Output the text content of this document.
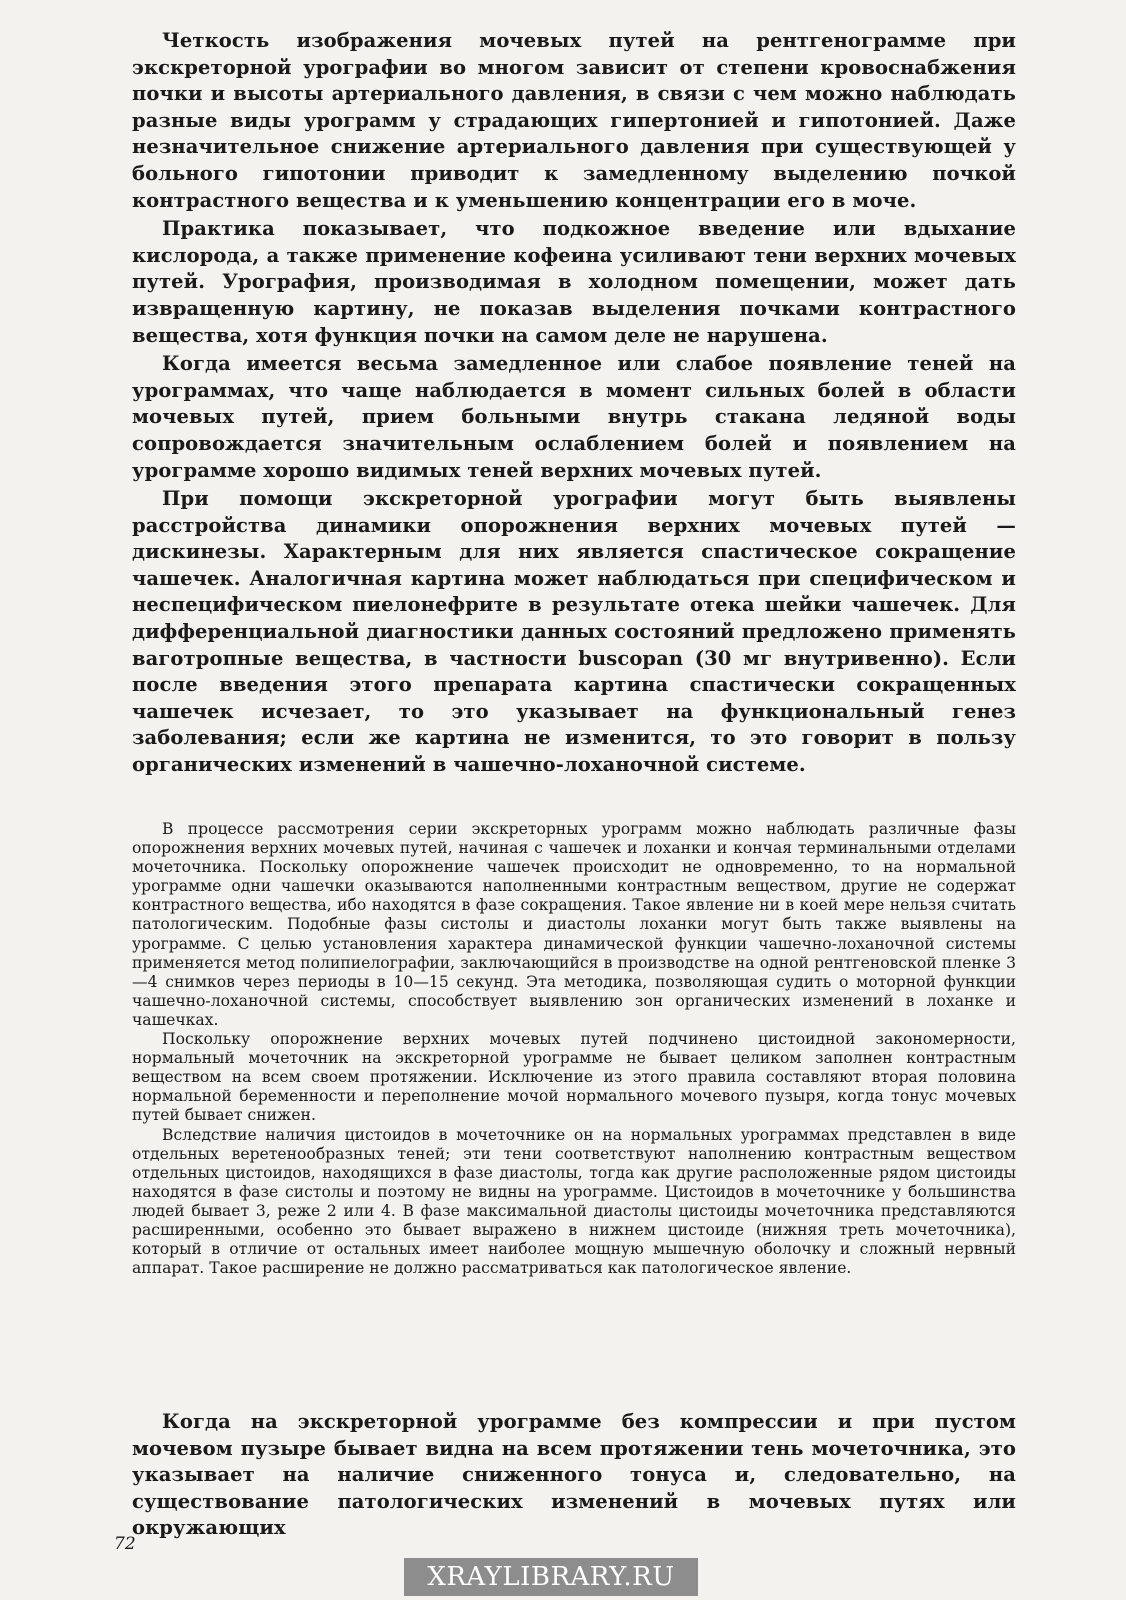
Четкость изображения мочевых путей на рентгенограмме при экскреторной урографии во многом зависит от степени кровоснабжения почки и высоты артериального давления, в связи с чем можно наблюдать разные виды урограмм у страдающих гипертонией и гипотонией. Даже незначительное снижение артериального давления при существующей у больного гипотонии приводит к замедленному выделению почкой контрастного вещества и к уменьшению концентрации его в моче.

Практика показывает, что подкожное введение или вдыхание кислорода, а также применение кофеина усиливают тени верхних мочевых путей. Урография, производимая в холодном помещении, может дать извращенную картину, не показав выделения почками контрастного вещества, хотя функция почки на самом деле не нарушена.

Когда имеется весьма замедленное или слабое появление теней на урограммах, что чаще наблюдается в момент сильных болей в области мочевых путей, прием больными внутрь стакана ледяной воды сопровождается значительным ослаблением болей и появлением на урограмме хорошо видимых теней верхних мочевых путей.

При помощи экскреторной урографии могут быть выявлены расстройства динамики опорожнения верхних мочевых путей — дискинезы. Характерным для них является спастическое сокращение чашечек. Аналогичная картина может наблюдаться при специфическом и неспецифическом пиелонефрите в результате отека шейки чашечек. Для дифференциальной диагностики данных состояний предложено применять ваготропные вещества, в частности buscopan (30 мг внутривенно). Если после введения этого препарата картина спастически сокращенных чашечек исчезает, то это указывает на функциональный генез заболевания; если же картина не изменится, то это говорит в пользу органических изменений в чашечно-лоханочной системе.

В процессе рассмотрения серии экскреторных урограмм можно наблюдать различные фазы опорожнения верхних мочевых путей, начиная с чашечек и лоханки и кончая терминальными отделами мочеточника. Поскольку опорожнение чашечек происходит не одновременно, то на нормальной урограмме одни чашечки оказываются наполненными контрастным веществом, другие не содержат контрастного вещества, ибо находятся в фазе сокращения. Такое явление ни в коей мере нельзя считать патологическим. Подобные фазы систолы и диастолы лоханки могут быть также выявлены на урограмме. С целью установления характера динамической функции чашечно-лоханочной системы применяется метод полипиелографии, заключающийся в производстве на одной рентгеновской пленке 3—4 снимков через периоды в 10—15 секунд. Эта методика, позволяющая судить о моторной функции чашечно-лоханочной системы, способствует выявлению зон органических изменений в лоханке и чашечках.

Поскольку опорожнение верхних мочевых путей подчинено цистоидной закономерности, нормальный мочеточник на экскреторной урограмме не бывает целиком заполнен контрастным веществом на всем своем протяжении. Исключение из этого правила составляют вторая половина нормальной беременности и переполнение мочой нормального мочевого пузыря, когда тонус мочевых путей бывает снижен.

Вследствие наличия цистоидов в мочеточнике он на нормальных урограммах представлен в виде отдельных веретенообразных теней; эти тени соответствуют наполнению контрастным веществом отдельных цистоидов, находящихся в фазе диастолы, тогда как другие расположенные рядом цистоиды находятся в фазе систолы и поэтому не видны на урограмме. Цистоидов в мочеточнике у большинства людей бывает 3, реже 2 или 4. В фазе максимальной диастолы цистоиды мочеточника представляются расширенными, особенно это бывает выражено в нижнем цистоиде (нижняя треть мочеточника), который в отличие от остальных имеет наиболее мощную мышечную оболочку и сложный нервный аппарат. Такое расширение не должно рассматриваться как патологическое явление.

Когда на экскреторной урограмме без компрессии и при пустом мочевом пузыре бывает видна на всем протяжении тень мочеточника, это указывает на наличие сниженного тонуса и, следовательно, на существование патологических изменений в мочевых путях или окружающих

72
XRAYLIBRARY.RU
